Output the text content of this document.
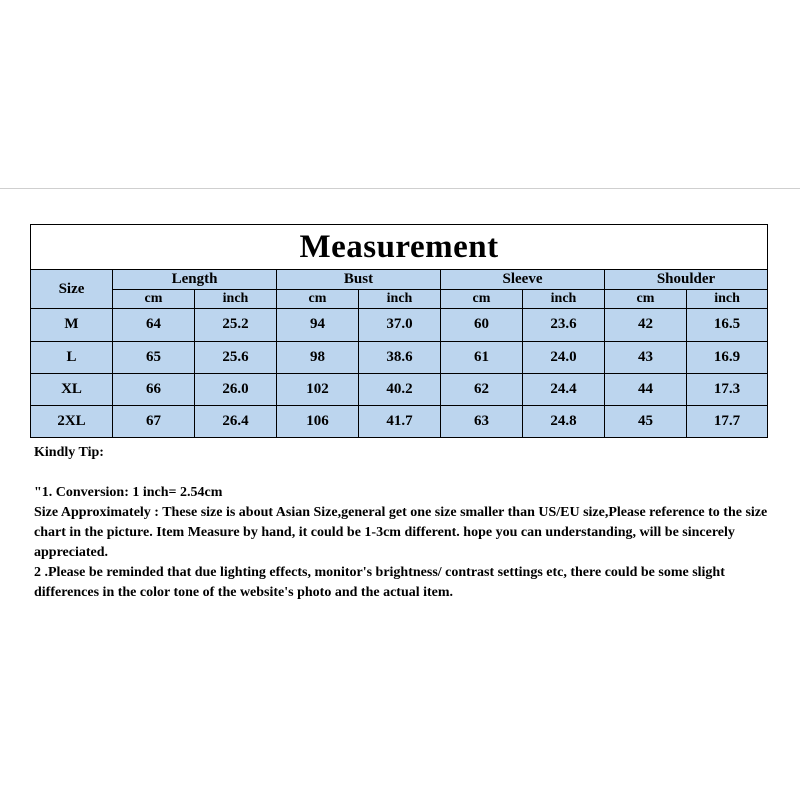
Measurement								
Size	Length		Bust		Sleeve		Shoulder	
	cm	inch	cm	inch	cm	inch	cm	inch
M	64	25.2	94	37.0	60	23.6	42	16.5
L	65	25.6	98	38.6	61	24.0	43	16.9
XL	66	26.0	102	40.2	62	24.4	44	17.3
2XL	67	26.4	106	41.7	63	24.8	45	17.7

Kindly Tip:

"1. Conversion: 1 inch= 2.54cm

Size Approximately : These size is about Asian Size,general get one size smaller than US/EU size,Please reference to the size chart in the picture. Item Measure by hand, it could be 1-3cm different. hope you can understanding, will be sincerely appreciated.

2 .Please be reminded that due lighting effects, monitor's brightness/ contrast settings etc, there could be some slight differences in the color tone of the website's photo and the actual item.
